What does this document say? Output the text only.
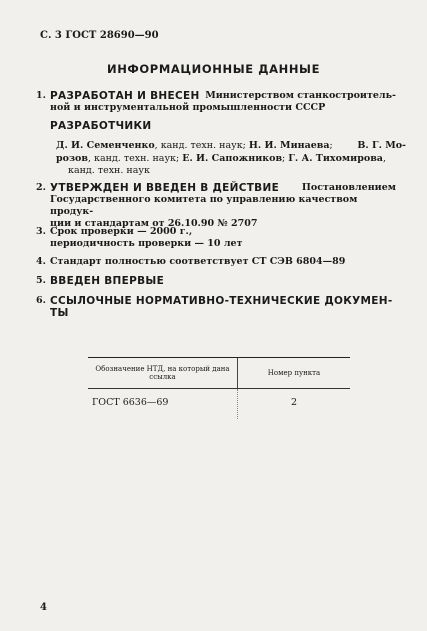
С. 3 ГОСТ 28690—90
ИНФОРМАЦИОННЫЕ ДАННЫЕ
1. РАЗРАБОТАН И ВНЕСЕН Министерством станкостроитель-
ной и инструментальной промышленности СССР
РАЗРАБОТЧИКИ
Д. И. Семенченко, канд. техн. наук; Н. И. Минаева;	В. Г. Мо-
розов, канд. техн. наук; Е. И. Сапожников; Г. А. Тихомирова,
канд. техн. наук
2. УТВЕРЖДЕН И ВВЕДЕН В ДЕЙСТВИЕ Постановлением
Государственного комитета по управлению качеством продук-
ции и стандартам от 26.10.90 № 2707
3. Срок проверки — 2000 г.,
периодичность проверки — 10 лет
4. Стандарт полностью соответствует СТ СЭВ 6804—89
5. ВВЕДЕН ВПЕРВЫЕ
6. ССЫЛОЧНЫЕ НОРМАТИВНО-ТЕХНИЧЕСКИЕ ДОКУМЕН-
ТЫ
Обозначение НТД, на который дана ссылка
Номер пункта
ГОСТ 6636—69	2
4
